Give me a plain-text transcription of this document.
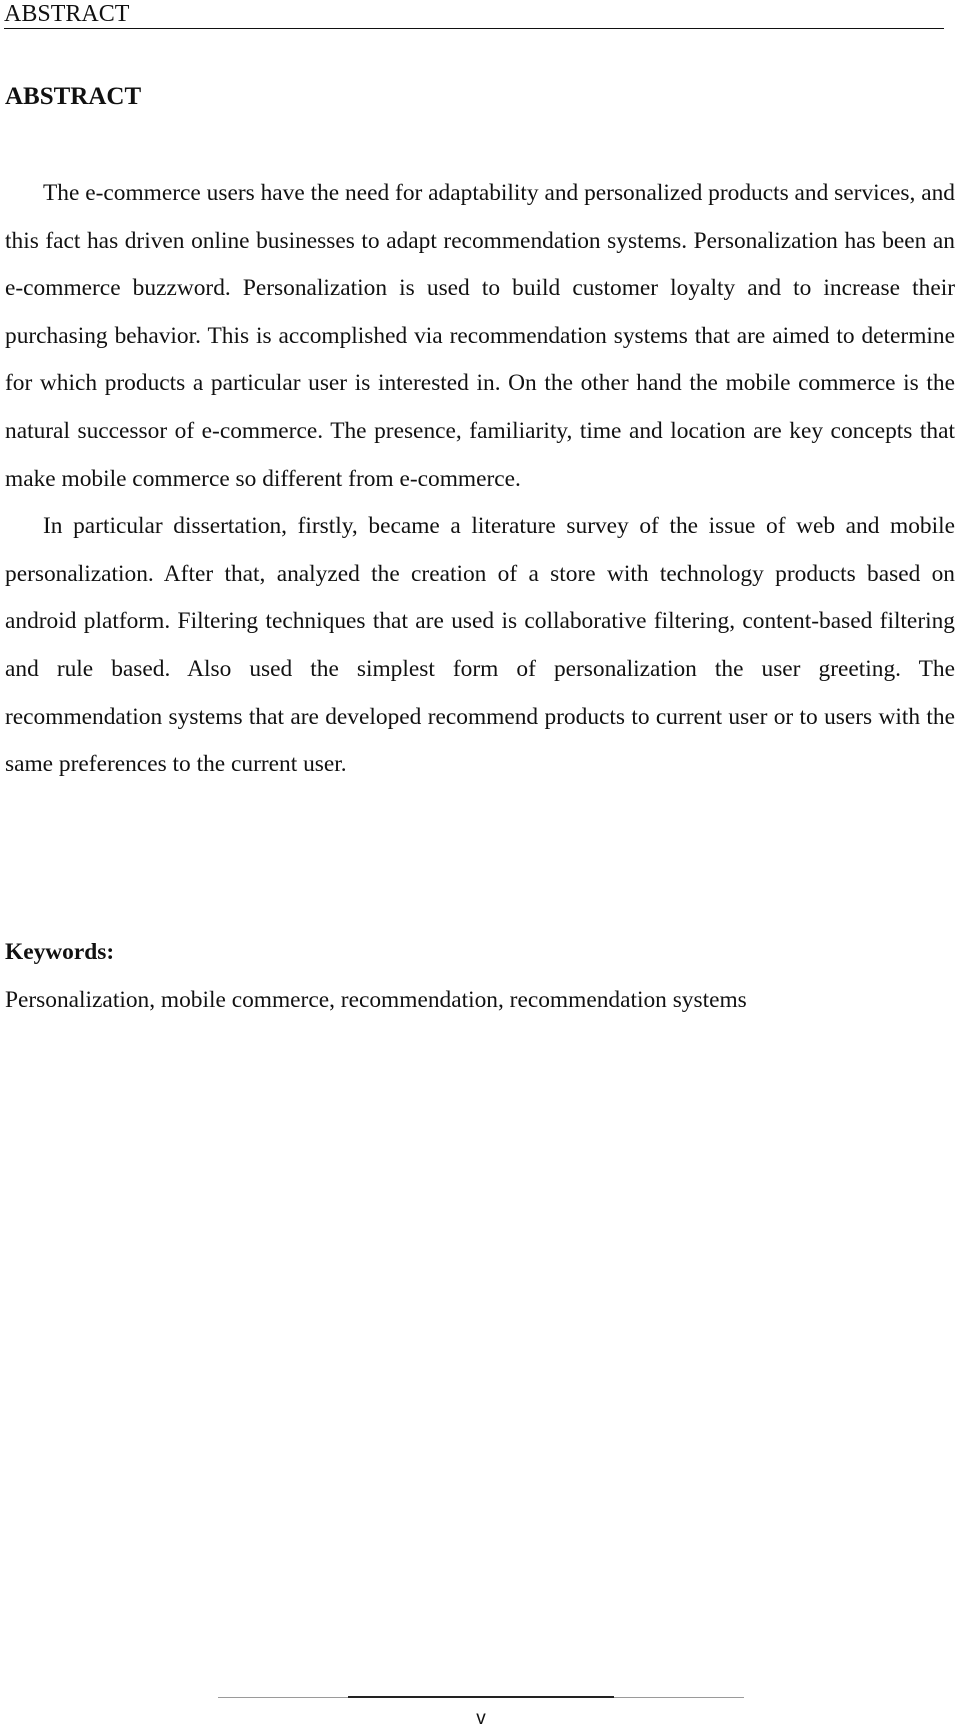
ABSTRACT
ABSTRACT

The e-commerce users have the need for adaptability and personalized products and services, and this fact has driven online businesses to adapt recommendation systems. Personalization has been an e-commerce buzzword. Personalization is used to build customer loyalty and to increase their purchasing behavior. This is accomplished via recommendation systems that are aimed to determine for which products a particular user is interested in. On the other hand the mobile commerce is the natural successor of e-commerce. The presence, familiarity, time and location are key concepts that make mobile commerce so different from e-commerce.

In particular dissertation, firstly, became a literature survey of the issue of web and mobile personalization. After that, analyzed the creation of a store with technology products based on android platform. Filtering techniques that are used is collaborative filtering, content-based filtering and rule based. Also used the simplest form of personalization the user greeting. The recommendation systems that are developed recommend products to current user or to users with the same preferences to the current user.

Keywords:
Personalization, mobile commerce, recommendation, recommendation systems
v
